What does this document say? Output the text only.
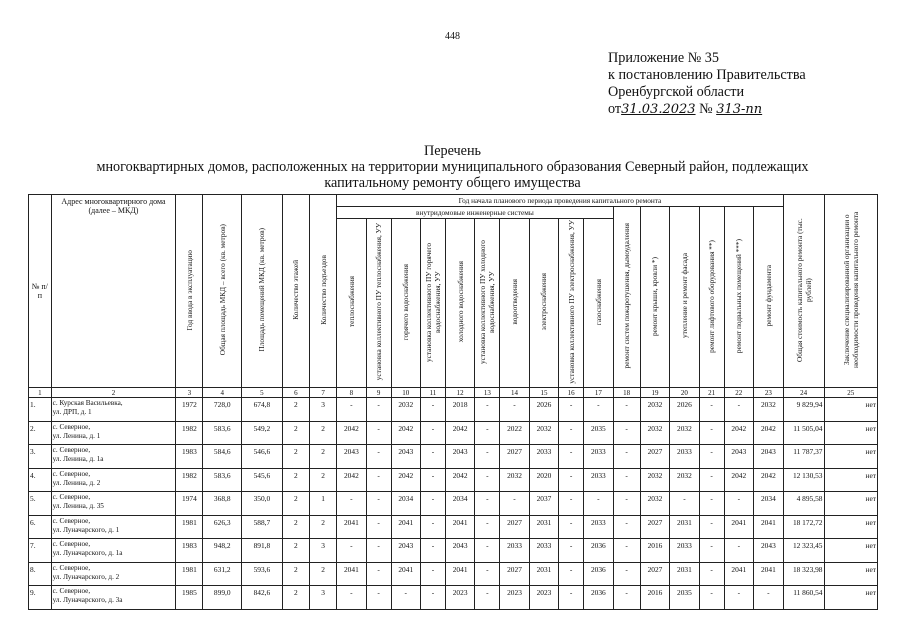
448
Приложение № 35
к постановлению Правительства
Оренбургской области
от31.03.2023 № 313-пп
Перечень
многоквартирных домов, расположенных на территории муниципального образования Северный район, подлежащих
капитальному ремонту общего имущества
№ п/п	Адрес многоквартирного дома (далее – МКД)	Год ввода в эксплуатацию	Общая площадь МКД – всего (кв. метров)	Площадь помещений МКД (кв. метров)	Количество этажей	Количество подъездов	Год начала планового периода проведения капитального ремонта																Общая стоимость капитального ремонта (тыс. рублей)	Заключение специализированной организации о необходимости проведения капитального ремонта
							внутридомовые инженерные системы										ремонт систем пожаротушения, дымоудаления	ремонт крыши, кровли *)	утепление и ремонт фасада	ремонт лифтового оборудования **)	ремонт подвальных помещений ***)	ремонт фундамента		
							теплоснабжения	установка коллективного ПУ теплоснабжения, УУ	горячего водоснабжения	установка коллективного ПУ горячего водоснабжения, УУ	холодного водоснабжения	установка коллективного ПУ холодного водоснабжения, УУ	водоотведения	электроснабжения	установка коллективного ПУ электроснабжения, УУ	газоснабжения								
1	2	3	4	5	6	7	8	9	10	11	12	13	14	15	16	17	18	19	20	21	22	23	24	25
1.	с. Курская Васильевка,
ул. ДРП, д. 1	1972	728,0	674,8	2	3	-	-	2032	-	2018	-	-	2026	-	-	-	2032	2026	-	-	2032	9 829,94	нет
2.	с. Северное,
ул. Ленина, д. 1	1982	583,6	549,2	2	2	2042	-	2042	-	2042	-	2022	2032	-	2035	-	2032	2032	-	2042	2042	11 505,04	нет
3.	с. Северное,
ул. Ленина, д. 1а	1983	584,6	546,6	2	2	2043	-	2043	-	2043	-	2027	2033	-	2033	-	2027	2033	-	2043	2043	11 787,37	нет
4.	с. Северное,
ул. Ленина, д. 2	1982	583,6	545,6	2	2	2042	-	2042	-	2042	-	2032	2020	-	2033	-	2032	2032	-	2042	2042	12 130,53	нет
5.	с. Северное,
ул. Ленина, д. 35	1974	368,8	350,0	2	1	-	-	2034	-	2034	-	-	2037	-	-	-	2032	-	-	-	2034	4 895,58	нет
6.	с. Северное,
ул. Луначарского, д. 1	1981	626,3	588,7	2	2	2041	-	2041	-	2041	-	2027	2031	-	2033	-	2027	2031	-	2041	2041	18 172,72	нет
7.	с. Северное,
ул. Луначарского, д. 1а	1983	948,2	891,8	2	3	-	-	2043	-	2043	-	2033	2033	-	2036	-	2016	2033	-	-	2043	12 323,45	нет
8.	с. Северное,
ул. Луначарского, д. 2	1981	631,2	593,6	2	2	2041	-	2041	-	2041	-	2027	2031	-	2036	-	2027	2031	-	2041	2041	18 323,98	нет
9.	с. Северное,
ул. Луначарского, д. 3а	1985	899,0	842,6	2	3	-	-	-	-	2023	-	2023	2023	-	2036	-	2016	2035	-	-	-	11 860,54	нет
